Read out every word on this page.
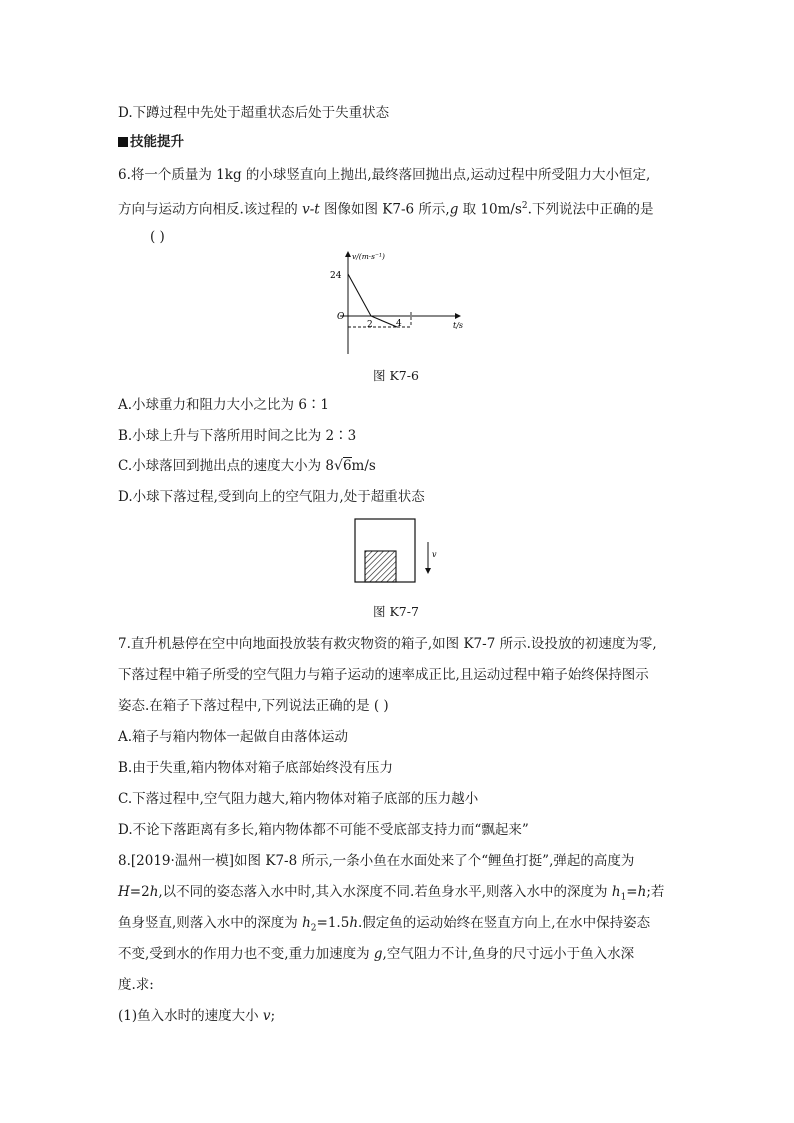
D.下蹲过程中先处于超重状态后处于失重状态
技能提升
6.将一个质量为 1kg 的小球竖直向上抛出,最终落回抛出点,运动过程中所受阻力大小恒定,
方向与运动方向相反.该过程的 v-t 图像如图 K7-6 所示,g 取 $10m/s^2$.下列说法中正确的是
( )
v/(m·s⁻¹)
24
O
2	4	t/s
图 K7-6
A.小球重力和阻力大小之比为 6∶1
B.小球上升与下落所用时间之比为 2∶3
C.小球落回到抛出点的速度大小为 8√6m/s
D.小球下落过程,受到向上的空气阻力,处于超重状态
v
图 K7-7
7.直升机悬停在空中向地面投放装有救灾物资的箱子,如图 K7-7 所示.设投放的初速度为零,
下落过程中箱子所受的空气阻力与箱子运动的速率成正比,且运动过程中箱子始终保持图示
姿态.在箱子下落过程中,下列说法正确的是 ( )
A.箱子与箱内物体一起做自由落体运动
B.由于失重,箱内物体对箱子底部始终没有压力
C.下落过程中,空气阻力越大,箱内物体对箱子底部的压力越小
D.不论下落距离有多长,箱内物体都不可能不受底部支持力而“飘起来”
8.[2019·温州一模]如图 K7-8 所示,一条小鱼在水面处来了个“鲤鱼打挺”,弹起的高度为
H=2h,以不同的姿态落入水中时,其入水深度不同.若鱼身水平,则落入水中的深度为 $h_1=h$;若
鱼身竖直,则落入水中的深度为 $h_2=1.5h$.假定鱼的运动始终在竖直方向上,在水中保持姿态
不变,受到水的作用力也不变,重力加速度为 g,空气阻力不计,鱼身的尺寸远小于鱼入水深
度.求:
(1)鱼入水时的速度大小 v;
